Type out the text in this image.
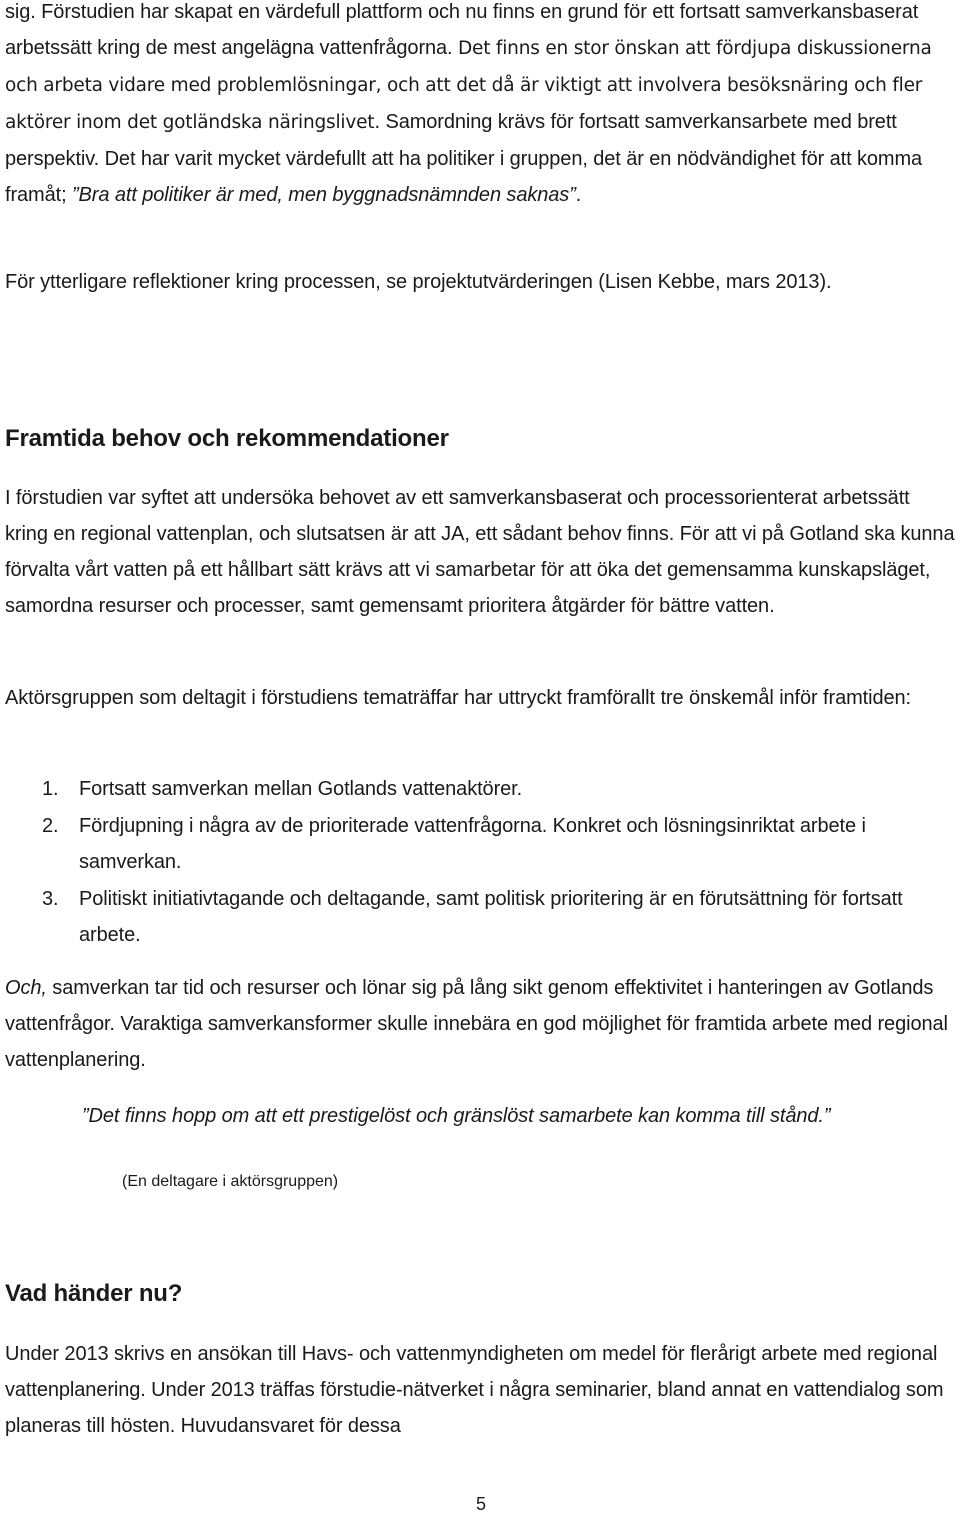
sig. Förstudien har skapat en värdefull plattform och nu finns en grund för ett fortsatt samverkansbaserat arbetssätt kring de mest angelägna vattenfrågorna. Det finns en stor önskan att fördjupa diskussionerna och arbeta vidare med problemlösningar, och att det då är viktigt att involvera besöksnäring och fler aktörer inom det gotländska näringslivet. Samordning krävs för fortsatt samverkansarbete med brett perspektiv. Det har varit mycket värdefullt att ha politiker i gruppen, det är en nödvändighet för att komma framåt; ”Bra att politiker är med, men byggnadsnämnden saknas”.

För ytterligare reflektioner kring processen, se projektutvärderingen (Lisen Kebbe, mars 2013).

Framtida behov och rekommendationer

I förstudien var syftet att undersöka behovet av ett samverkansbaserat och processorienterat arbetssätt kring en regional vattenplan, och slutsatsen är att JA, ett sådant behov finns. För att vi på Gotland ska kunna förvalta vårt vatten på ett hållbart sätt krävs att vi samarbetar för att öka det gemensamma kunskapsläget, samordna resurser och processer, samt gemensamt prioritera åtgärder för bättre vatten.

Aktörsgruppen som deltagit i förstudiens tematräffar har uttryckt framförallt tre önskemål inför framtiden:

1.	Fortsatt samverkan mellan Gotlands vattenaktörer.
2.	Fördjupning i några av de prioriterade vattenfrågorna. Konkret och lösningsinriktat arbete i samverkan.
3.	Politiskt initiativtagande och deltagande, samt politisk prioritering är en förutsättning för fortsatt arbete.

Och, samverkan tar tid och resurser och lönar sig på lång sikt genom effektivitet i hanteringen av Gotlands vattenfrågor. Varaktiga samverkansformer skulle innebära en god möjlighet för framtida arbete med regional vattenplanering.

”Det finns hopp om att ett prestigelöst och gränslöst samarbete kan komma till stånd.”

(En deltagare i aktörsgruppen)
Vad händer nu?

Under 2013 skrivs en ansökan till Havs- och vattenmyndigheten om medel för flerårigt arbete med regional vattenplanering. Under 2013 träffas förstudie-nätverket i några seminarier, bland annat en vattendialog som planeras till hösten. Huvudansvaret för dessa

5
